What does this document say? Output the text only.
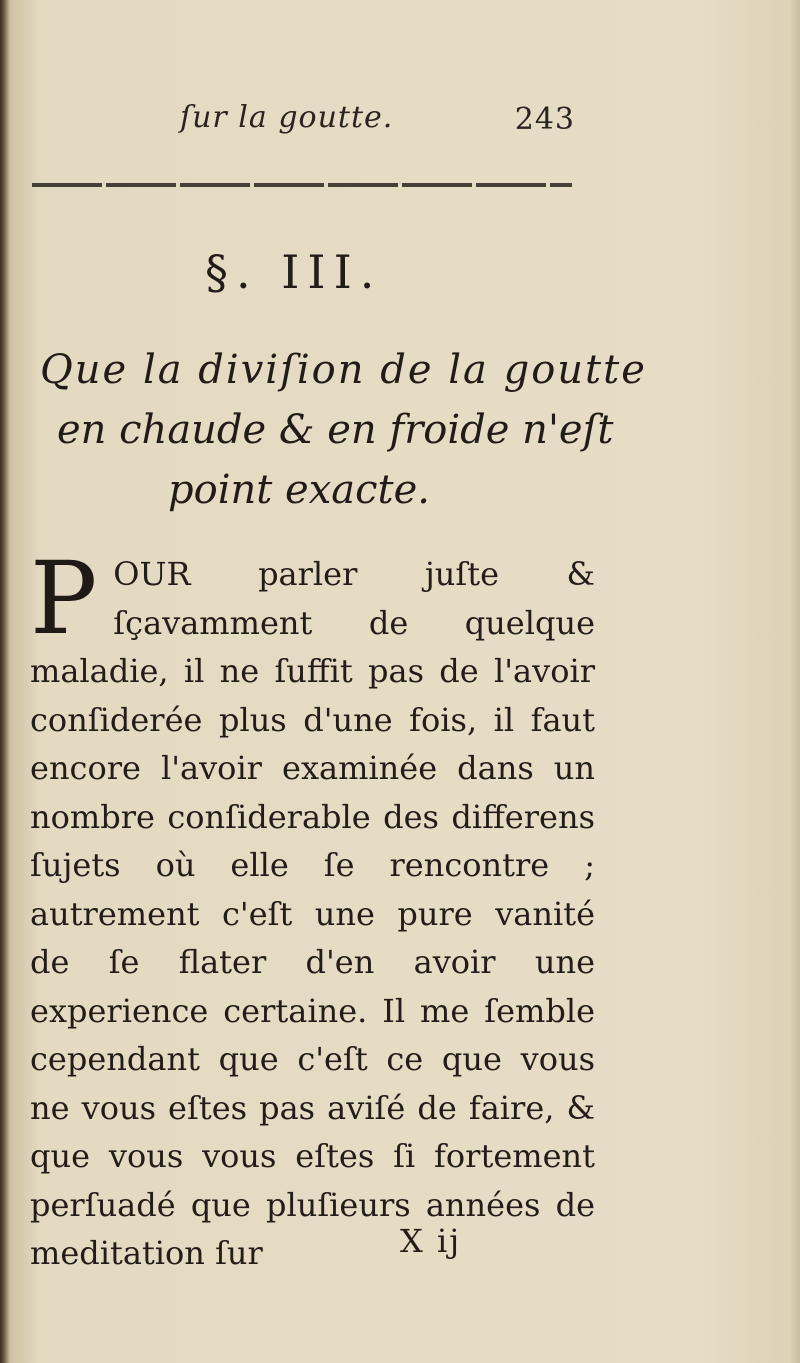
ſur la goutte.	243
§. III.
Que la diviſion de la goutte
en chaude & en froide n'eſt
point exacte.
P OUR parler juſte & ſçavamment de quelque maladie, il ne ſuffit pas de l'avoir conſiderée plus d'une fois, il faut encore l'avoir examinée dans un nombre conſiderable des differens ſujets où elle ſe rencontre ; autrement c'eſt une pure vanité de ſe flater d'en avoir une experience certaine. Il me ſemble cependant que c'eſt ce que vous ne vous eſtes pas aviſé de faire, & que vous vous eſtes ſi fortement perſuadé que pluſieurs années de meditation ſur	X ij
